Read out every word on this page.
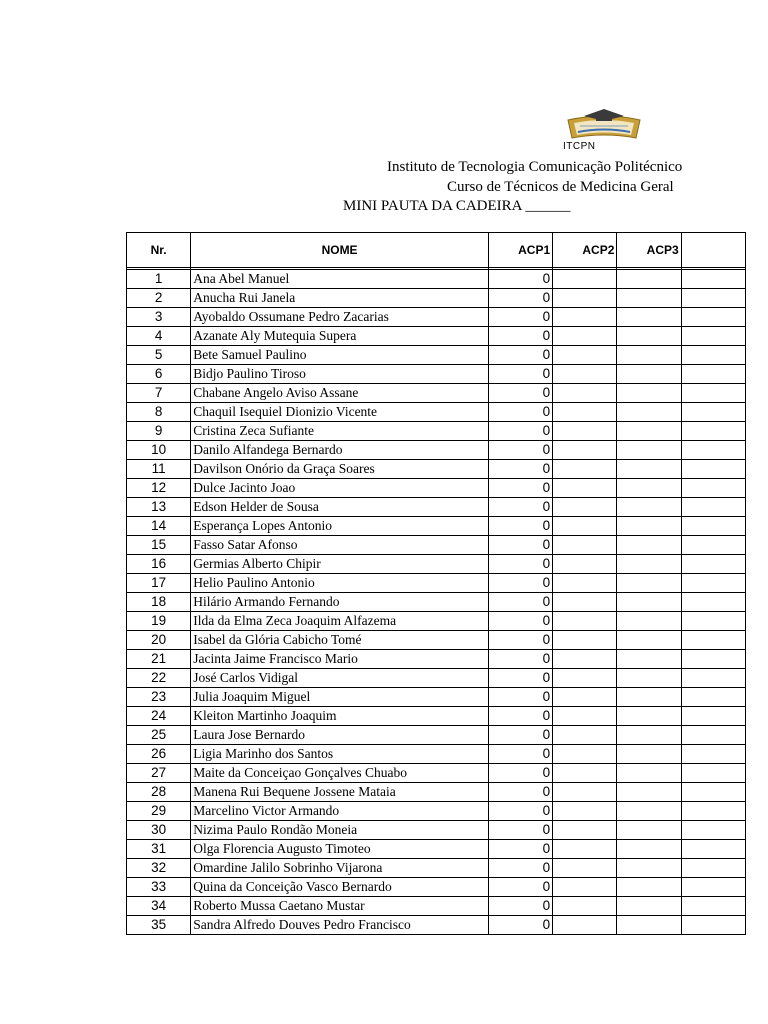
ITCPN
Instituto de Tecnologia Comunicação Politécnico
Curso de Técnicos de Medicina Geral
MINI PAUTA DA CADEIRA ______
Nr.	NOME	ACP1	ACP2	ACP3	

1	Ana Abel Manuel	0			
2	Anucha Rui Janela	0			
3	Ayobaldo Ossumane Pedro Zacarias	0			
4	Azanate Aly Mutequia Supera	0			
5	Bete Samuel Paulino	0			
6	Bidjo Paulino Tiroso	0			
7	Chabane Angelo Aviso Assane	0			
8	Chaquil Isequiel Dionizio Vicente	0			
9	Cristina Zeca Sufiante	0			
10	Danilo Alfandega Bernardo	0			
11	Davilson Onório da Graça Soares	0			
12	Dulce Jacinto Joao	0			
13	Edson Helder de Sousa	0			
14	Esperança Lopes Antonio	0			
15	Fasso Satar Afonso	0			
16	Germias Alberto Chipir	0			
17	Helio Paulino Antonio	0			
18	Hilário Armando Fernando	0			
19	Ilda da Elma Zeca Joaquim Alfazema	0			
20	Isabel da Glória Cabicho Tomé	0			
21	Jacinta Jaime Francisco Mario	0			
22	José Carlos Vidigal	0			
23	Julia Joaquim Miguel	0			
24	Kleiton Martinho Joaquim	0			
25	Laura Jose Bernardo	0			
26	Ligia Marinho dos Santos	0			
27	Maite da Conceiçao Gonçalves Chuabo	0			
28	Manena Rui Bequene Jossene Mataia	0			
29	Marcelino Victor Armando	0			
30	Nizima Paulo Rondão Moneia	0			
31	Olga Florencia Augusto Timoteo	0			
32	Omardine Jalilo Sobrinho Vijarona	0			
33	Quina da Conceição Vasco Bernardo	0			
34	Roberto Mussa Caetano Mustar	0			
35	Sandra Alfredo Douves Pedro Francisco	0			
